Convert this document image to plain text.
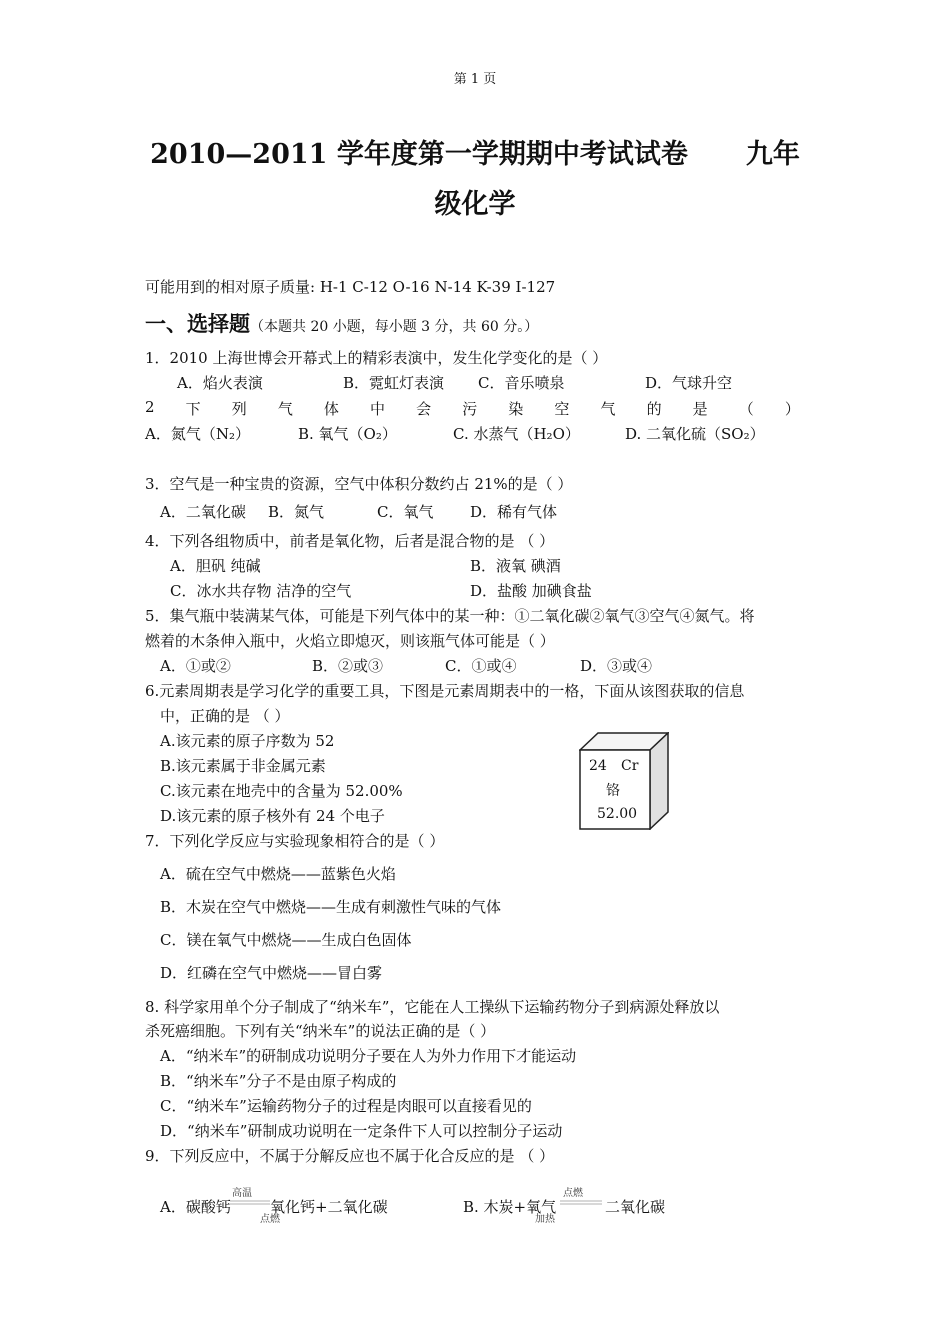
第 1 页
2010—2011 学年度第一学期期中考试试卷 九年
级化学
可能用到的相对原子质量: H-1 C-12 O-16 N-14 K-39 I-127
一、选择题（本题共 20 小题，每小题 3 分，共 60 分。）
1．2010 上海世博会开幕式上的精彩表演中，发生化学变化的是（ ）
A．焰火表演	B．霓虹灯表演 C．音乐喷泉	D．气球升空
2 下 列 气 体 中 会 污 染 空 气 的 是 （ ）
A．氮气（N₂）	B. 氧气（O₂）	C. 水蒸气（H₂O）	D. 二氧化硫（SO₂）
3．空气是一种宝贵的资源，空气中体积分数约占 21%的是（ ）
A．二氧化碳 B．氮气	C．氧气 D．稀有气体
4．下列各组物质中，前者是氧化物，后者是混合物的是 （ ）
A．胆矾 纯碱	B．液氧 碘酒
C．冰水共存物 洁净的空气	D．盐酸 加碘食盐
5．集气瓶中装满某气体，可能是下列气体中的某一种：①二氧化碳②氧气③空气④氮气。将
燃着的木条伸入瓶中，火焰立即熄灭，则该瓶气体可能是（ ）
A．①或②	B．②或③	C．①或④	D．③或④
6.元素周期表是学习化学的重要工具，下图是元素周期表中的一格，下面从该图获取的信息
中，正确的是 （ ）
A.该元素的原子序数为 52
B.该元素属于非金属元素
C.该元素在地壳中的含量为 52.00%
D.该元素的原子核外有 24 个电子
24 Cr
铬
52.00
7．下列化学反应与实验现象相符合的是（ ）
A．硫在空气中燃烧——蓝紫色火焰
B．木炭在空气中燃烧——生成有刺激性气味的气体
C．镁在氧气中燃烧——生成白色固体
D．红磷在空气中燃烧——冒白雾
8. 科学家用单个分子制成了“纳米车”，它能在人工操纵下运输药物分子到病源处释放以
杀死癌细胞。下列有关“纳米车”的说法正确的是（ ）
A．“纳米车”的研制成功说明分子要在人为外力作用下才能运动
B．“纳米车”分子不是由原子构成的
C．“纳米车”运输药物分子的过程是肉眼可以直接看见的
D．“纳米车”研制成功说明在一定条件下人可以控制分子运动
9．下列反应中，不属于分解反应也不属于化合反应的是 （ ）
A．碳酸钙
高温
点燃
氧化钙+二氧化碳	B. 木炭+氧气
点燃
加热
二氧化碳
